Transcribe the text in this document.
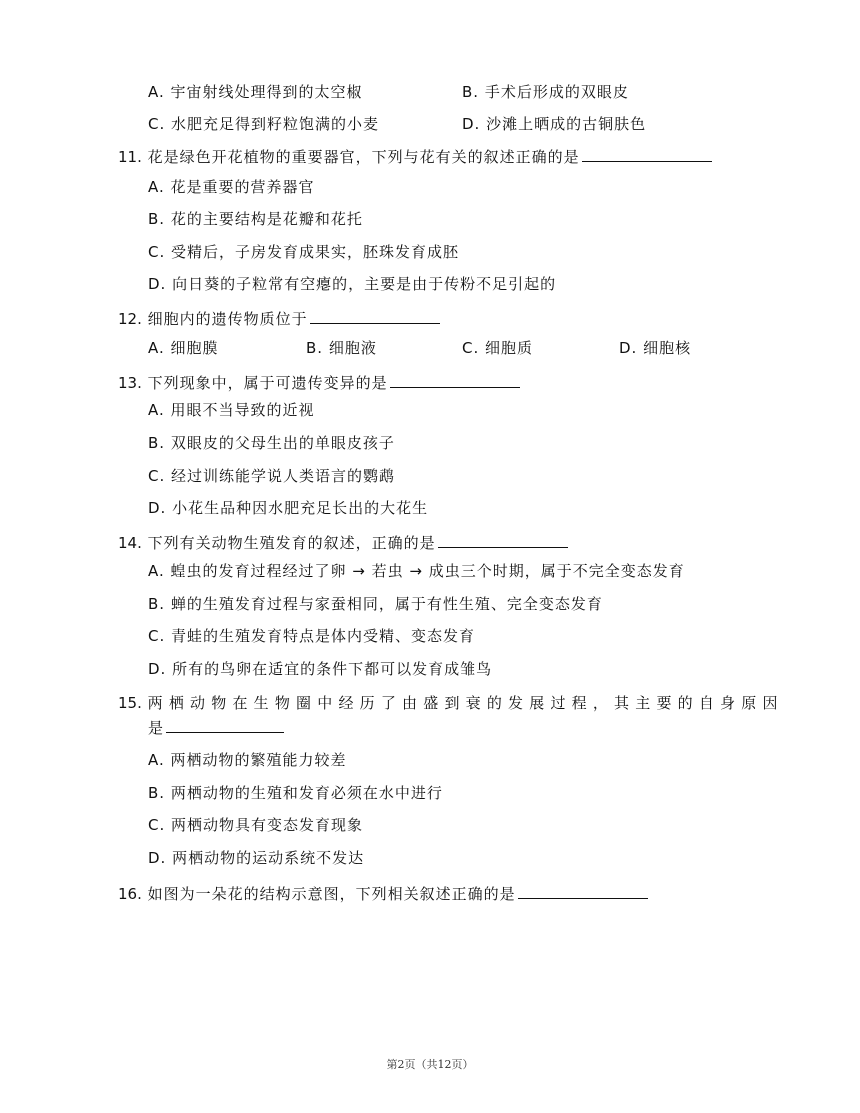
A. 宇宙射线处理得到的太空椒	B. 手术后形成的双眼皮
C. 水肥充足得到籽粒饱满的小麦	D. 沙滩上晒成的古铜肤色
11. 花是绿色开花植物的重要器官，下列与花有关的叙述正确的是
A. 花是重要的营养器官
B. 花的主要结构是花瓣和花托
C. 受精后，子房发育成果实，胚珠发育成胚
D. 向日葵的子粒常有空瘪的，主要是由于传粉不足引起的
12. 细胞内的遗传物质位于
A. 细胞膜	B. 细胞液	C. 细胞质	D. 细胞核
13. 下列现象中，属于可遗传变异的是
A. 用眼不当导致的近视
B. 双眼皮的父母生出的单眼皮孩子
C. 经过训练能学说人类语言的鹦鹉
D. 小花生品种因水肥充足长出的大花生
14. 下列有关动物生殖发育的叙述，正确的是
A. 蝗虫的发育过程经过了卵 → 若虫 → 成虫三个时期，属于不完全变态发育
B. 蝉的生殖发育过程与家蚕相同，属于有性生殖、完全变态发育
C. 青蛙的生殖发育特点是体内受精、变态发育
D. 所有的鸟卵在适宜的条件下都可以发育成雏鸟
15. 两栖动物在生物圈中经历了由盛到衰的发展过程，其主要的自身原因
是
A. 两栖动物的繁殖能力较差
B. 两栖动物的生殖和发育必须在水中进行
C. 两栖动物具有变态发育现象
D. 两栖动物的运动系统不发达
16. 如图为一朵花的结构示意图，下列相关叙述正确的是
第2页（共12页）
